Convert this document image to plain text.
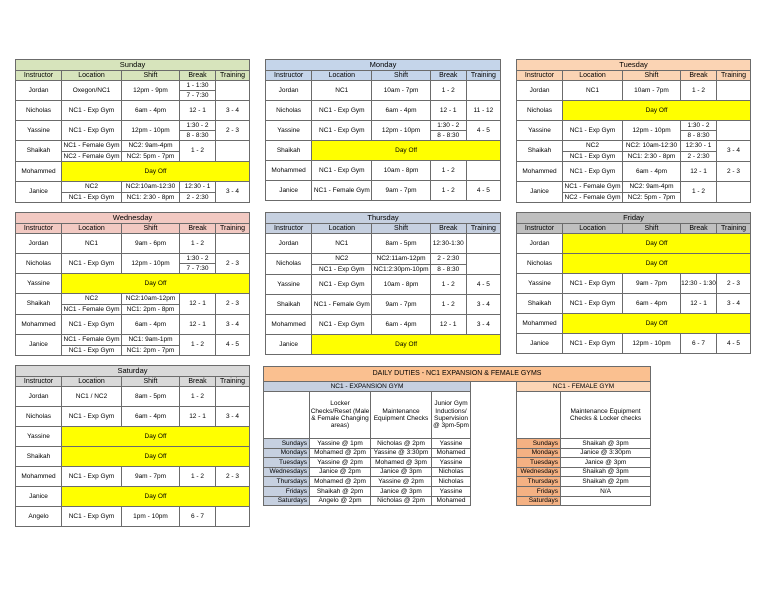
Sunday				
Instructor	Location	Shift	Break	Training
Jordan	Oxegon/NC1	12pm - 9pm	1 - 1:30	
			7 - 7:30	
Nicholas	NC1 - Exp Gym	6am - 4pm	12 - 1	3 - 4
Yassine	NC1 - Exp Gym	12pm - 10pm	1:30 - 2	2 - 3
			8 - 8:30	
Shaikah	NC1 - Female Gym	NC2: 9am-4pm	1 - 2	
	NC2 - Female Gym	NC2: 5pm - 7pm		
Mohammed	Day Off			
Janice	NC2	NC2:10am-12:30	12:30 - 1	3 - 4
	NC1 - Exp Gym	NC1: 2:30 - 8pm	2 - 2:30	
Monday				
Instructor	Location	Shift	Break	Training
Jordan	NC1	10am - 7pm	1 - 2	
Nicholas	NC1 - Exp Gym	6am - 4pm	12 - 1	11 - 12
Yassine	NC1 - Exp Gym	12pm - 10pm	1:30 - 2	4 - 5
			8 - 8:30	
Shaikah	Day Off			
Mohammed	NC1 - Exp Gym	10am - 8pm	1 - 2	
Janice	NC1 - Female Gym	9am - 7pm	1 - 2	4 - 5
Tuesday				
Instructor	Location	Shift	Break	Training
Jordan	NC1	10am - 7pm	1 - 2	
Nicholas	Day Off			
Yassine	NC1 - Exp Gym	12pm - 10pm	1:30 - 2	
			8 - 8:30	
Shaikah	NC2	NC2: 10am-12:30	12:30 - 1	3 - 4
	NC1 - Exp Gym	NC1: 2:30 - 8pm	2 - 2:30	
Mohammed	NC1 - Exp Gym	6am - 4pm	12 - 1	2 - 3
Janice	NC1 - Female Gym	NC2: 9am-4pm	1 - 2	
	NC2 - Female Gym	NC2: 5pm - 7pm		
Wednesday				
Instructor	Location	Shift	Break	Training
Jordan	NC1	9am - 6pm	1 - 2	
Nicholas	NC1 - Exp Gym	12pm - 10pm	1:30 - 2	2 - 3
			7 - 7:30	
Yassine	Day Off			
Shaikah	NC2	NC2:10am-12pm	12 - 1	2 - 3
	NC1 - Female Gym	NC1: 2pm - 8pm		
Mohammed	NC1 - Exp Gym	6am - 4pm	12 - 1	3 - 4
Janice	NC1 - Female Gym	NC1: 9am-1pm	1 - 2	4 - 5
	NC1 - Exp Gym	NC1: 2pm - 7pm		
Thursday				
Instructor	Location	Shift	Break	Training
Jordan	NC1	8am - 5pm	12:30-1:30	
Nicholas	NC2	NC2:11am-12pm	2 - 2:30	
	NC1 - Exp Gym	NC1:2:30pm-10pm	8 - 8:30	
Yassine	NC1 - Exp Gym	10am - 8pm	1 - 2	4 - 5
Shaikah	NC1 - Female Gym	9am - 7pm	1 - 2	3 - 4
Mohammed	NC1 - Exp Gym	6am - 4pm	12 - 1	3 - 4
Janice	Day Off			
Friday				
Instructor	Location	Shift	Break	Training
Jordan	Day Off			
Nicholas	Day Off			
Yassine	NC1 - Exp Gym	9am - 7pm	12:30 - 1:30	2 - 3
Shaikah	NC1 - Exp Gym	6am - 4pm	12 - 1	3 - 4
Mohammed	Day Off			
Janice	NC1 - Exp Gym	12pm - 10pm	6 - 7	4 - 5
Saturday				
Instructor	Location	Shift	Break	Training
Jordan	NC1 / NC2	8am - 5pm	1 - 2	
Nicholas	NC1 - Exp Gym	6am - 4pm	12 - 1	3 - 4
Yassine	Day Off			
Shaikah	Day Off			
Mohammed	NC1 - Exp Gym	9am - 7pm	1 - 2	2 - 3
Janice	Day Off			
Angelo	NC1 - Exp Gym	1pm - 10pm	6 - 7	
DAILY DUTIES - NC1 EXPANSION & FEMALE GYMS						
NC1 - EXPANSION GYM					NC1 - FEMALE GYM	
	Locker Checks/Reset (Male & Female Changing areas)	Maintenance Equipment Checks	Junior Gym Inductions/ Supervision @ 3pm-5pm			Maintenance Equipment Checks & Locker checks
Sundays	Yassine @ 1pm	Nicholas @ 2pm	Yassine		Sundays	Shaikah @ 3pm
Mondays	Mohamed @ 2pm	Yassine @ 3:30pm	Mohamed		Mondays	Janice @ 3:30pm
Tuesdays	Yassine @ 2pm	Mohamed @ 3pm	Yassine		Tuesdays	Janice @ 3pm
Wednesdays	Janice @ 2pm	Janice @ 3pm	Nicholas		Wednesdays	Shaikah @ 3pm
Thursdays	Mohamed @ 2pm	Yassine @ 2pm	Nicholas		Thursdays	Shaikah @ 2pm
Fridays	Shaikah @ 2pm	Janice @ 3pm	Yassine		Fridays	N/A
Saturdays	Angelo @ 2pm	Nicholas @ 2pm	Mohamed		Saturdays	
